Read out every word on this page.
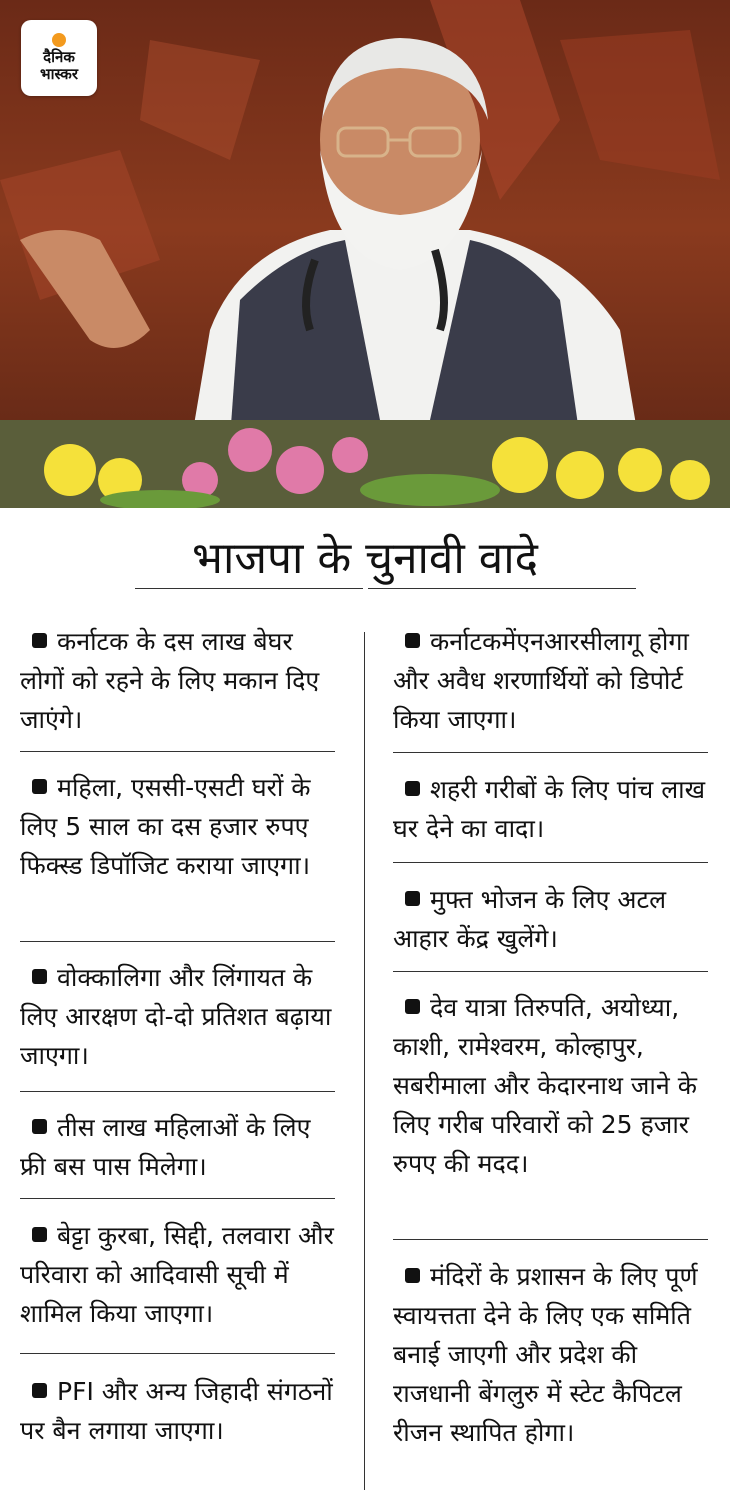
दैनिक
भास्कर
भाजपा के चुनावी वादे
कर्नाटक के दस लाख बेघर लोगों को रहने के लिए मकान दिए जाएंगे।
महिला, एससी-एसटी घरों के लिए 5 साल का दस हजार रुपए फिक्स्ड डिपॉजिट कराया जाएगा।
वोक्कालिगा और लिंगायत के लिए आरक्षण दो-दो प्रतिशत बढ़ाया जाएगा।
तीस लाख महिलाओं के लिए फ्री बस पास मिलेगा।
बेट्टा कुरबा, सिद्दी, तलवारा और परिवारा को आदिवासी सूची में शामिल किया जाएगा।
PFI और अन्य जिहादी संगठनों पर बैन लगाया जाएगा।
कर्नाटकमेंएनआरसीलागू होगा और अवैध शरणार्थियों को डिपोर्ट किया जाएगा।
शहरी गरीबों के लिए पांच लाख घर देने का वादा।
मुफ्त भोजन के लिए अटल आहार केंद्र खुलेंगे।
देव यात्रा तिरुपति, अयोध्या, काशी, रामेश्वरम, कोल्हापुर, सबरीमाला और केदारनाथ जाने के लिए गरीब परिवारों को 25 हजार रुपए की मदद।
मंदिरों के प्रशासन के लिए पूर्ण स्वायत्तता देने के लिए एक समिति बनाई जाएगी और प्रदेश की राजधानी बेंगलुरु में स्टेट कैपिटल रीजन स्थापित होगा।
